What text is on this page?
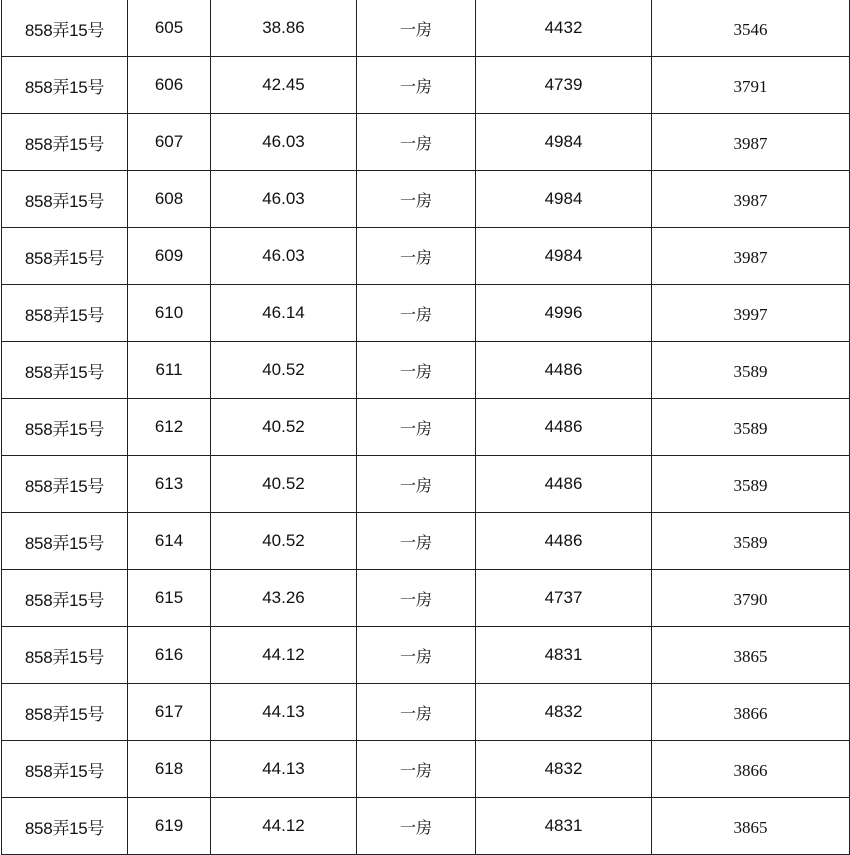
858弄15号	605	38.86	一房	4432	3546
858弄15号	606	42.45	一房	4739	3791
858弄15号	607	46.03	一房	4984	3987
858弄15号	608	46.03	一房	4984	3987
858弄15号	609	46.03	一房	4984	3987
858弄15号	610	46.14	一房	4996	3997
858弄15号	611	40.52	一房	4486	3589
858弄15号	612	40.52	一房	4486	3589
858弄15号	613	40.52	一房	4486	3589
858弄15号	614	40.52	一房	4486	3589
858弄15号	615	43.26	一房	4737	3790
858弄15号	616	44.12	一房	4831	3865
858弄15号	617	44.13	一房	4832	3866
858弄15号	618	44.13	一房	4832	3866
858弄15号	619	44.12	一房	4831	3865
